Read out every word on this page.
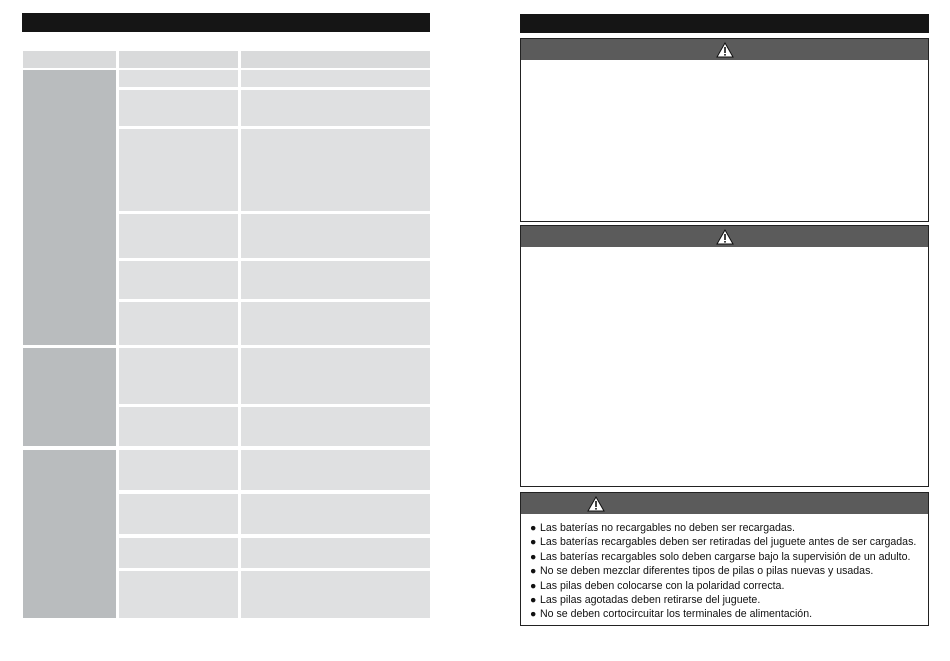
● Las baterías no recargables no deben ser recargadas.
● Las baterías recargables deben ser retiradas del juguete antes de ser cargadas.
● Las baterías recargables solo deben cargarse bajo la supervisión de un adulto.
● No se deben mezclar diferentes tipos de pilas o pilas nuevas y usadas.
● Las pilas deben colocarse con la polaridad correcta.
● Las pilas agotadas deben retirarse del juguete.
● No se deben cortocircuitar los terminales de alimentación.
